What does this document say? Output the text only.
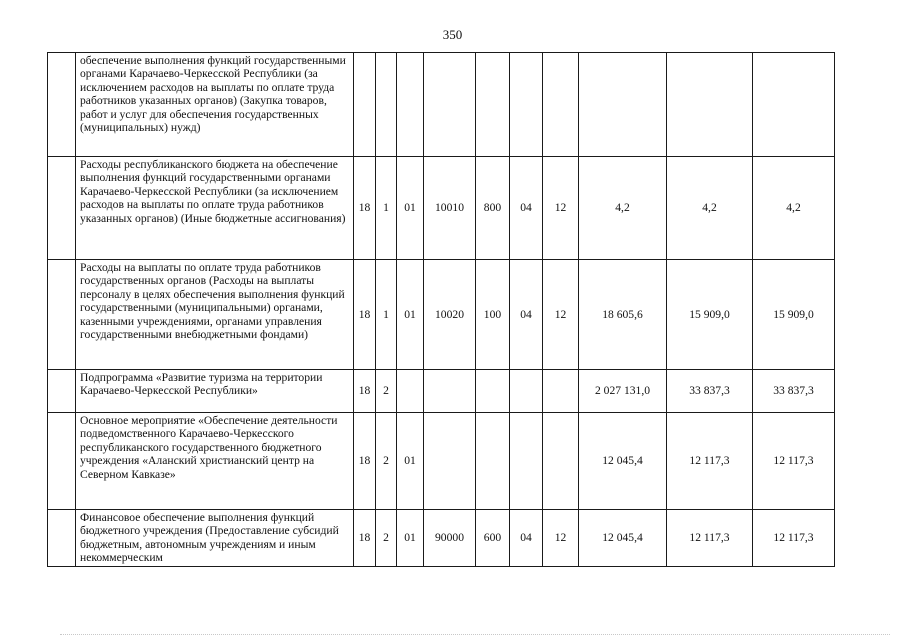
350
	обеспечение выполнения функций государственными органами Карачаево-Черкесской Республики (за исключением расходов на выплаты по оплате труда работников указанных органов) (Закупка товаров, работ и услуг для обеспечения государственных (муниципальных) нужд)										
	Расходы республиканского бюджета на обеспечение выполнения функций государственными органами Карачаево-Черкесской Республики (за исключением расходов на выплаты по оплате труда работников указанных органов) (Иные бюджетные ассигнования)	18	1	01	10010	800	04	12	4,2	4,2	4,2
	Расходы на выплаты по оплате труда работников государственных органов (Расходы на выплаты персоналу в целях обеспечения выполнения функций государственными (муниципальными) органами, казенными учреждениями, органами управления государственными внебюджетными фондами)	18	1	01	10020	100	04	12	18 605,6	15 909,0	15 909,0
	Подпрограмма «Развитие туризма на территории Карачаево-Черкесской Республики»	18	2						2 027 131,0	33 837,3	33 837,3
	Основное мероприятие «Обеспечение деятельности подведомственного Карачаево-Черкесского республиканского государственного бюджетного учреждения «Аланский христианский центр на Северном Кавказе»	18	2	01					12 045,4	12 117,3	12 117,3
	Финансовое обеспечение выполнения функций бюджетного учреждения (Предоставление субсидий бюджетным, автономным учреждениям и иным некоммерческим	18	2	01	90000	600	04	12	12 045,4	12 117,3	12 117,3
